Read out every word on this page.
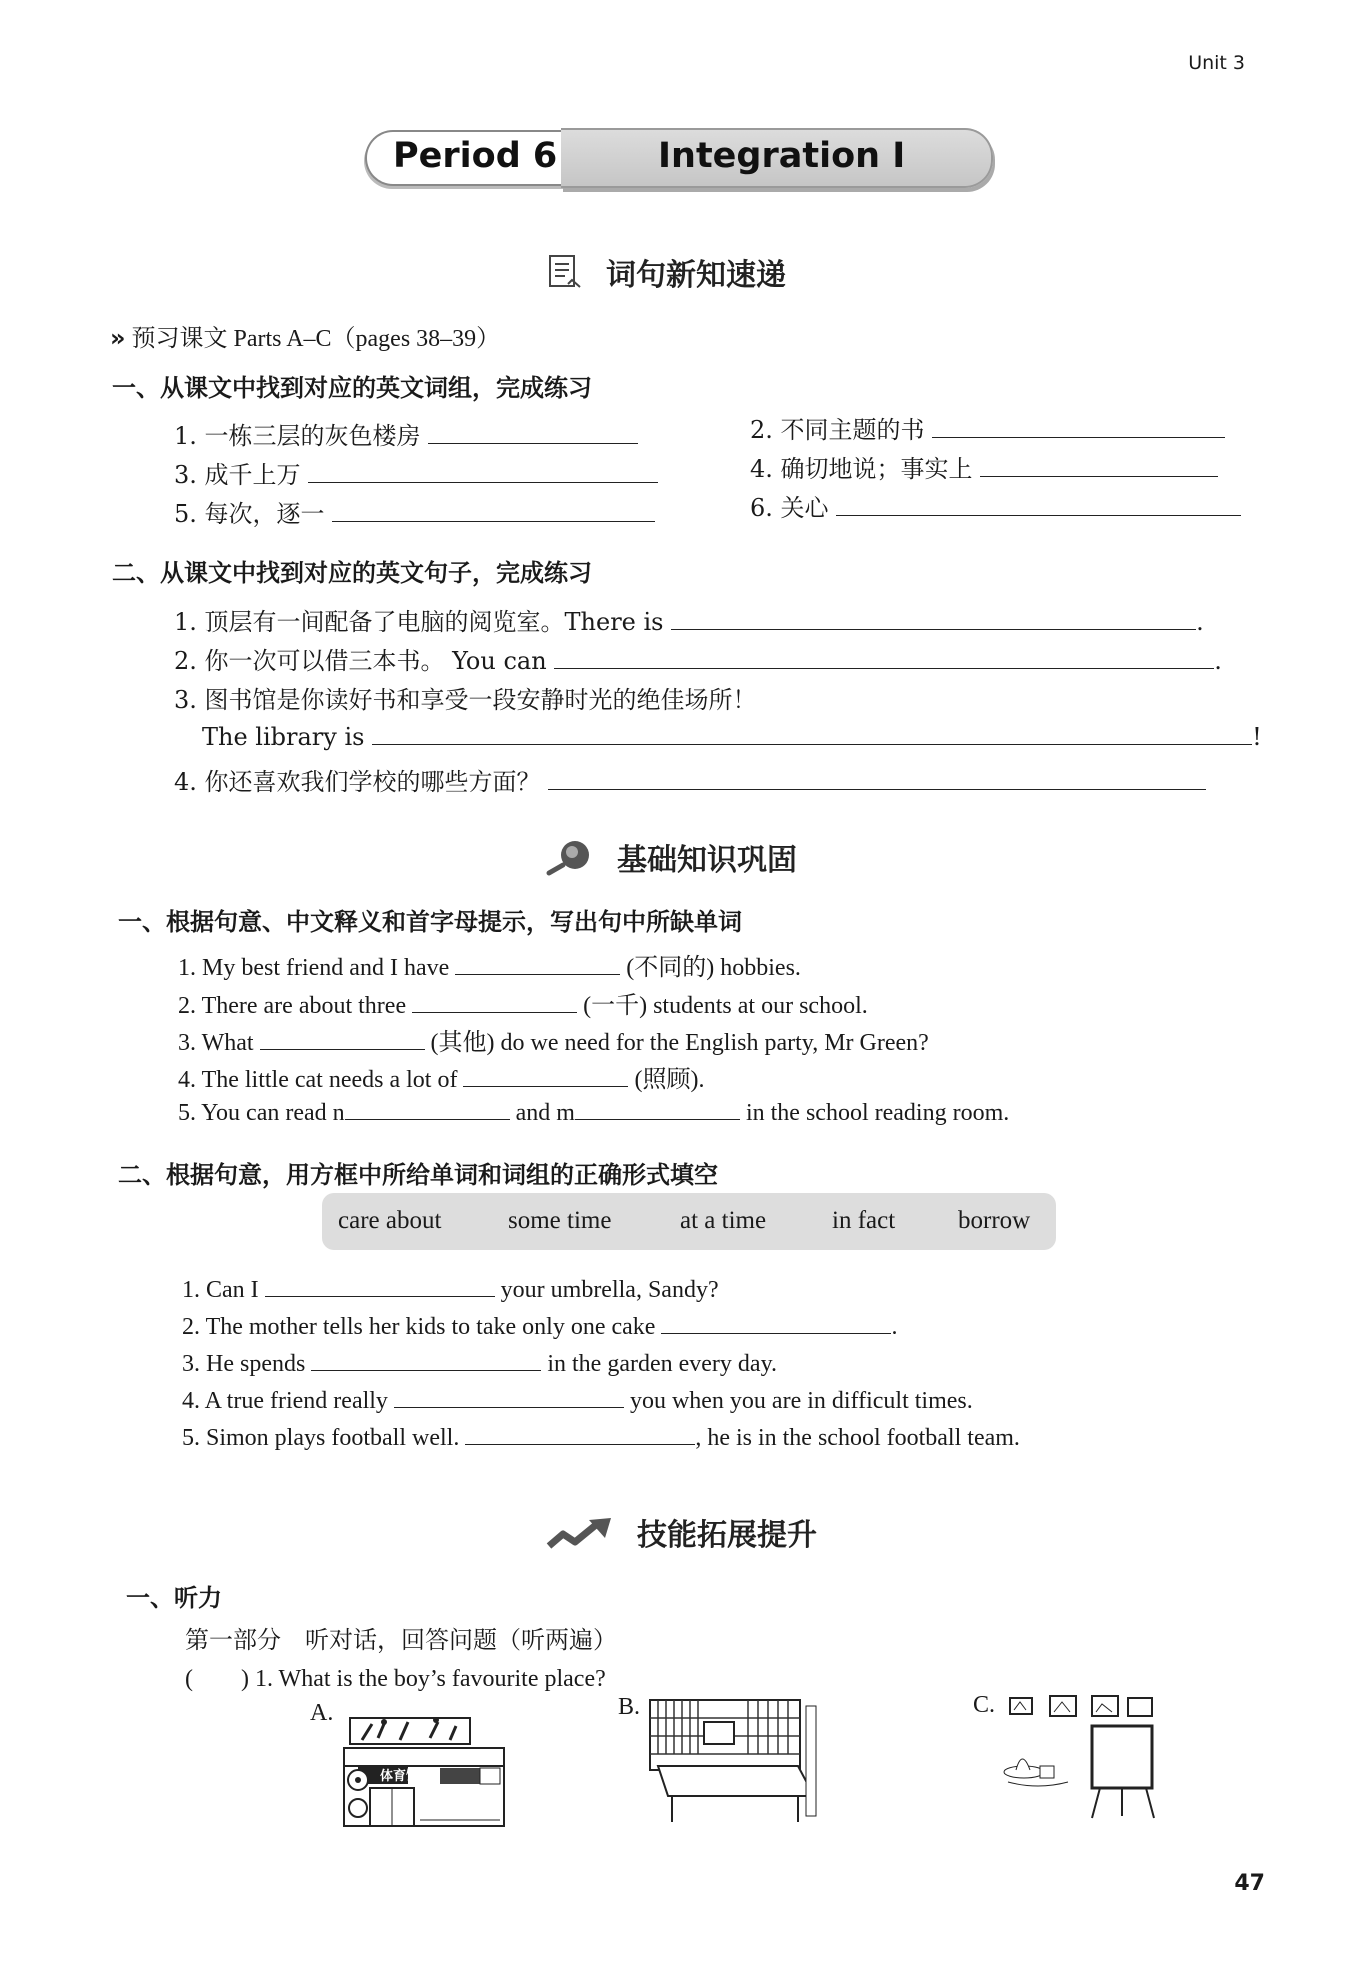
Unit 3
Period 6	Integration I
词句新知速递
» 预习课文 Parts A–C（pages 38–39）
一、从课文中找到对应的英文词组，完成练习
1. 一栋三层的灰色楼房	2. 不同主题的书
3. 成千上万	4. 确切地说；事实上
5. 每次，逐一	6. 关心
二、从课文中找到对应的英文句子，完成练习
1. 顶层有一间配备了电脑的阅览室。There is	.
2. 你一次可以借三本书。 You can	.
3. 图书馆是你读好书和享受一段安静时光的绝佳场所！
The library is	!
4. 你还喜欢我们学校的哪些方面？
基础知识巩固
一、根据句意、中文释义和首字母提示，写出句中所缺单词
1. My best friend and I have	(不同的) hobbies.
2. There are about three	(一千) students at our school.
3. What	(其他) do we need for the English party, Mr Green?
4. The little cat needs a lot of	(照顾).
5. You can read n	and m	in the school reading room.
二、根据句意，用方框中所给单词和词组的正确形式填空
care about	some time	at a time	in fact	borrow
1. Can I	your umbrella, Sandy?
2. The mother tells her kids to take only one cake	.
3. He spends	in the garden every day.
4. A true friend really	you when you are in difficult times.
5. Simon plays football well.	, he is in the school football team.
技能拓展提升
一、听力
第一部分　听对话，回答问题（听两遍）
(　　) 1. What is the boy’s favourite place?
A.	B.	C.
体育馆
47
